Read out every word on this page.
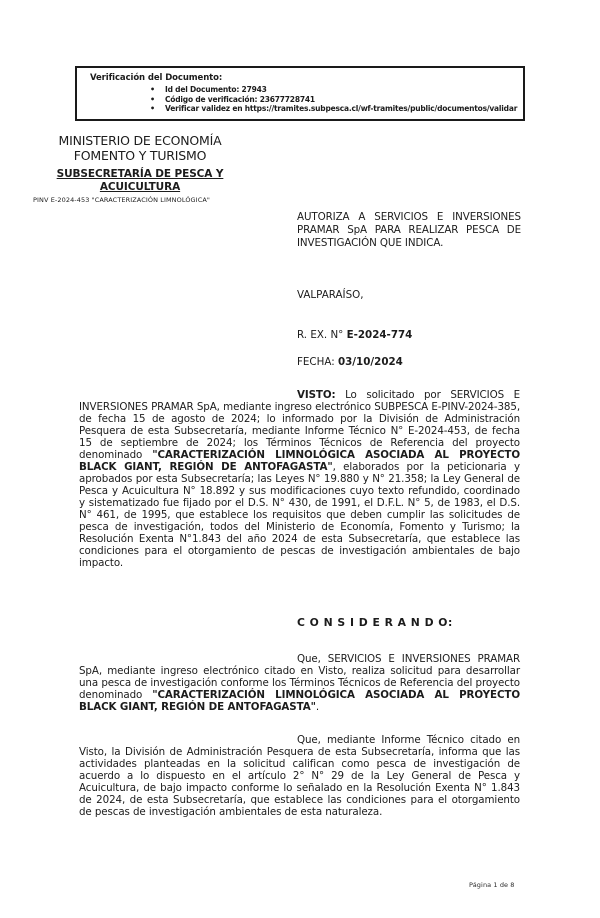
Verificación del Documento:
• Id del Documento: 27943
• Código de verificación: 23677728741
• Verificar validez en https://tramites.subpesca.cl/wf-tramites/public/documentos/validar
MINISTERIO DE ECONOMÍA
FOMENTO Y TURISMO
SUBSECRETARÍA DE PESCA Y
ACUICULTURA
PINV E-2024-453 "CARACTERIZACIÓN LIMNOLÓGICA"
AUTORIZA A SERVICIOS E INVERSIONES PRAMAR SpA PARA REALIZAR PESCA DE INVESTIGACIÓN QUE INDICA.
VALPARAÍSO,
R. EX. N° E-2024-774
FECHA: 03/10/2024

VISTO: Lo solicitado por SERVICIOS E INVERSIONES PRAMAR SpA, mediante ingreso electrónico SUBPESCA E-PINV-2024-385, de fecha 15 de agosto de 2024; lo informado por la División de Administración Pesquera de esta Subsecretaría, mediante Informe Técnico N° E-2024-453, de fecha 15 de septiembre de 2024; los Términos Técnicos de Referencia del proyecto denominado "CARACTERIZACIÓN LIMNOLÓGICA ASOCIADA AL PROYECTO BLACK GIANT, REGIÓN DE ANTOFAGASTA", elaborados por la peticionaria y aprobados por esta Subsecretaría; las Leyes N° 19.880 y N° 21.358; la Ley General de Pesca y Acuicultura N° 18.892 y sus modificaciones cuyo texto refundido, coordinado y sistematizado fue fijado por el D.S. N° 430, de 1991, el D.F.L. N° 5, de 1983, el D.S. N° 461, de 1995, que establece los requisitos que deben cumplir las solicitudes de pesca de investigación, todos del Ministerio de Economía, Fomento y Turismo; la Resolución Exenta N°1.843 del año 2024 de esta Subsecretaría, que establece las condiciones para el otorgamiento de pescas de investigación ambientales de bajo impacto.

C O N S I D E R A N D O:

Que, SERVICIOS E INVERSIONES PRAMAR SpA, mediante ingreso electrónico citado en Visto, realiza solicitud para desarrollar una pesca de investigación conforme los Términos Técnicos de Referencia del proyecto denominado "CARACTERIZACIÓN LIMNOLÓGICA ASOCIADA AL PROYECTO BLACK GIANT, REGIÓN DE ANTOFAGASTA".

Que, mediante Informe Técnico citado en Visto, la División de Administración Pesquera de esta Subsecretaría, informa que las actividades planteadas en la solicitud califican como pesca de investigación de acuerdo a lo dispuesto en el artículo 2° N° 29 de la Ley General de Pesca y Acuicultura, de bajo impacto conforme lo señalado en la Resolución Exenta N° 1.843 de 2024, de esta Subsecretaría, que establece las condiciones para el otorgamiento de pescas de investigación ambientales de esta naturaleza.

Página 1 de 8
